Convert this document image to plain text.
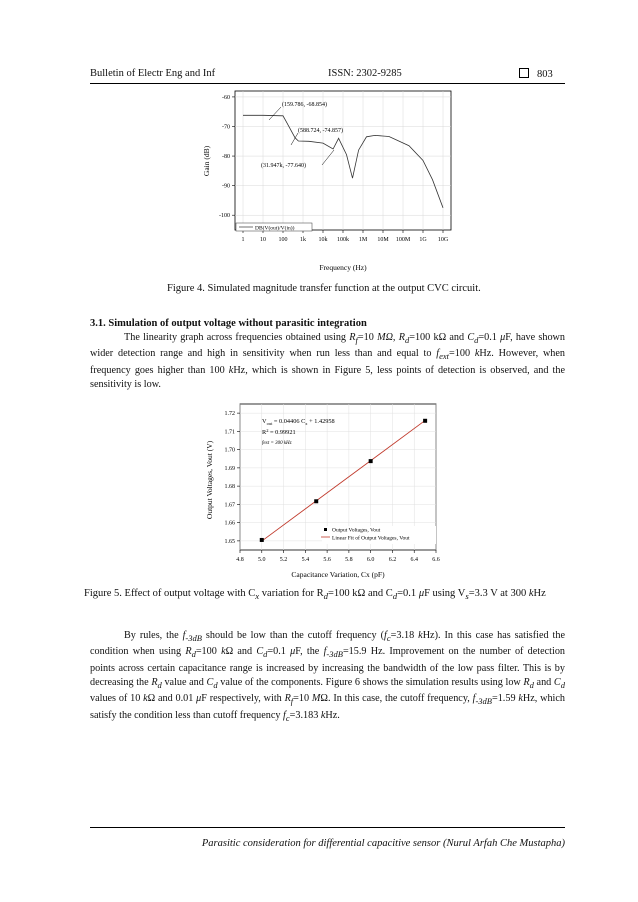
Bulletin of Electr Eng and Inf	ISSN: 2302-9285	803
-60
-70
-80
-90
-100
1	10 100 1k 10k 100k 1M 10M 100M 1G 10G
Gain (dB)
Frequency (Hz)
DB(V(out)/V(in))
(159.786, -68.854)
(588.724, -74.857)
(31.947k, -77.640)
Figure 4. Simulated magnitude transfer function at the output CVC circuit.
3.1. Simulation of output voltage without parasitic integration

The linearity graph across frequencies obtained using $R_f=10$ MΩ, $R_d=100$ kΩ and $C_d=0.1$ μF, have shown wider detection range and high in sensitivity when run less than and equal to $f_{ext}=100$ kHz. However, when frequency goes higher than 100 kHz, which is shown in Figure 5, less points of detection is observed, and the sensitivity is low.

1.72
1.71
1.70
1.69
1.68
1.67
1.66
1.65
4.8 5.0 5.2 5.4 5.6 5.8 6.0 6.2 6.4 6.6
$V_{out} = 0.04406$ $C_x + 1.42958$
$R^2 = 0.99921$
fext = 300 kHz
Output Voltages, Vout
Linear Fit of Output Voltages, Vout
Output Voltages, Vout (V)
Capacitance Variation, Cx (pF)
Figure 5. Effect of output voltage with $C_x$ variation for $R_d=100$ kΩ and $C_d=0.1$ μF using $V_s=3.3$ V at 300 kHz

By rules, the $f_{-3dB}$ should be low than the cutoff frequency ($f_c=3.18$ kHz). In this case has satisfied the condition when using $R_d=100$ kΩ and $C_d=0.1$ μF, the $f_{-3dB}=15.9$ Hz. Improvement on the number of detection points across certain capacitance range is increased by increasing the bandwidth of the low pass filter. This is by decreasing the $R_d$ value and $C_d$ value of the components. Figure 6 shows the simulation results using low $R_d$ and $C_d$ values of 10 kΩ and 0.01 μF respectively, with $R_f=10$ MΩ. In this case, the cutoff frequency, $f_{-3dB}=1.59$ kHz, which satisfy the condition less than cutoff frequency $f_c=3.183$ kHz.

Parasitic consideration for differential capacitive sensor (Nurul Arfah Che Mustapha)
